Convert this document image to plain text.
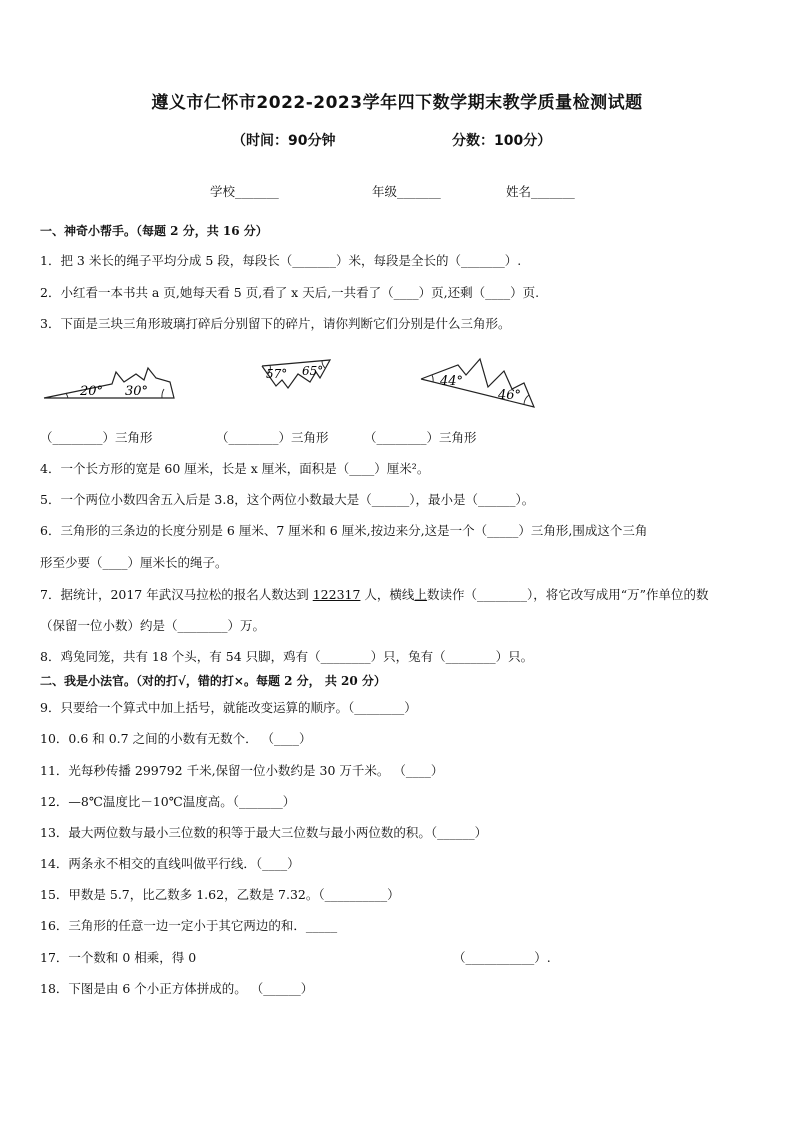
遵义市仁怀市2022-2023学年四下数学期末教学质量检测试题
（时间：90分钟	分数：100分）
学校_______	年级_______	姓名_______
一、神奇小帮手。（每题 2 分，共 16 分）
1．把 3 米长的绳子平均分成 5 段，每段长（_______）米，每段是全长的（_______）.
2．小红看一本书共 a 页,她每天看 5 页,看了 x 天后,一共看了（____）页,还剩（____）页.
3．下面是三块三角形玻璃打碎后分别留下的碎片，请你判断它们分别是什么三角形。
20° 30°
57° 65°
44°
46°
（________）三角形	（________）三角形	（________）三角形
4．一个长方形的宽是 60 厘米，长是 x 厘米，面积是（____）厘米²。
5．一个两位小数四舍五入后是 3.8，这个两位小数最大是（______），最小是（______）。
6．三角形的三条边的长度分别是 6 厘米、7 厘米和 6 厘米,按边来分,这是一个（_____）三角形,围成这个三角
形至少要（____）厘米长的绳子。
7．据统计，2017 年武汉马拉松的报名人数达到 122317 人，横线上数读作（________），将它改写成用“万”作单位的数
（保留一位小数）约是（________）万。
8．鸡兔同笼，共有 18 个头，有 54 只脚，鸡有（________）只，兔有（________）只。
二、我是小法官。（对的打√，错的打×。每题 2 分， 共 20 分）
9．只要给一个算式中加上括号，就能改变运算的顺序。（________）
10．0.6 和 0.7 之间的小数有无数个． （____）
11．光每秒传播 299792 千米,保留一位小数约是 30 万千米。 （____）
12．—8℃温度比－10℃温度高。（_______）
13．最大两位数与最小三位数的积等于最大三位数与最小两位数的积。（______）
14．两条永不相交的直线叫做平行线．（____）
15．甲数是 5.7，比乙数多 1.62，乙数是 7.32。（__________）
16．三角形的任意一边一定小于其它两边的和．_____
17．一个数和 0 相乘，得 0	（___________）.
18．下图是由 6 个小正方体拼成的。 （______）
